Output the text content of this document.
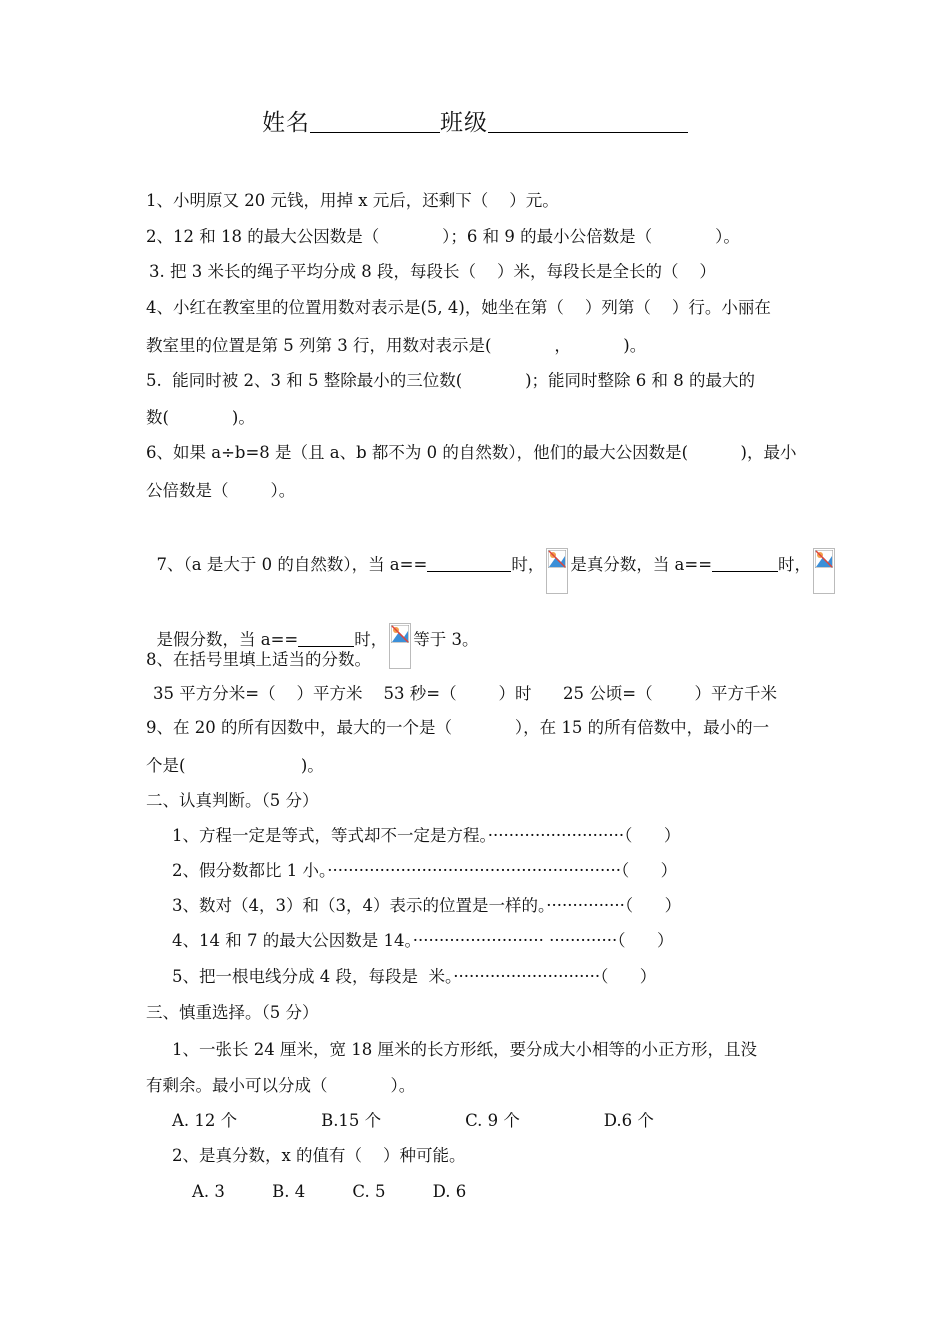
姓名	班级
1、小明原又 20 元钱，用掉 x 元后，还剩下（    ）元。
2、12 和 18 的最大公因数是（            ）；6 和 9 的最小公倍数是（            ）。
3. 把 3 米长的绳子平均分成 8 段，每段长（    ）米，每段长是全长的（    ）
4、小红在教室里的位置用数对表示是(5, 4)，她坐在第（    ）列第（    ）行。小丽在
教室里的位置是第 5 列第 3 行，用数对表示是(            ，          )。
5.  能同时被 2、3 和 5 整除最小的三位数(            )；能同时整除 6 和 8 的最大的
数(            )。
6、如果 a÷b=8 是（且 a、b 都不为 0 的自然数），他们的最大公因数是(          )，最小
公倍数是（        ）。

7、（a 是大于 0 的自然数），当 a==	时， 是真分数，当 a==	时，

是假分数，当 a==	时， 等于 3。

8、在括号里填上适当的分数。
35 平方分米=（    ）平方米    53 秒=（        ）时      25 公顷=（        ）平方千米
9、在 20 的所有因数中，最大的一个是（            ），在 15 的所有倍数中，最小的一
个是(                      )。
二、认真判断。（5 分）
1、方程一定是等式，等式却不一定是方程。··························（      ）
2、假分数都比 1 小。························································（      ）
3、数对（4，3）和（3，4）表示的位置是一样的。···············（      ）
4、14 和 7 的最大公因数是 14。························· ·············（      ）
5、把一根电线分成 4 段，每段是  米。····························（      ）
三、慎重选择。（5 分）
1、一张长 24 厘米，宽 18 厘米的长方形纸，要分成大小相等的小正方形，且没
有剩余。最小可以分成（            ）。
A. 12 个                B.15 个                C. 9 个                D.6 个
2、是真分数，x 的值有（    ）种可能。
A. 3         B. 4         C. 5         D. 6
